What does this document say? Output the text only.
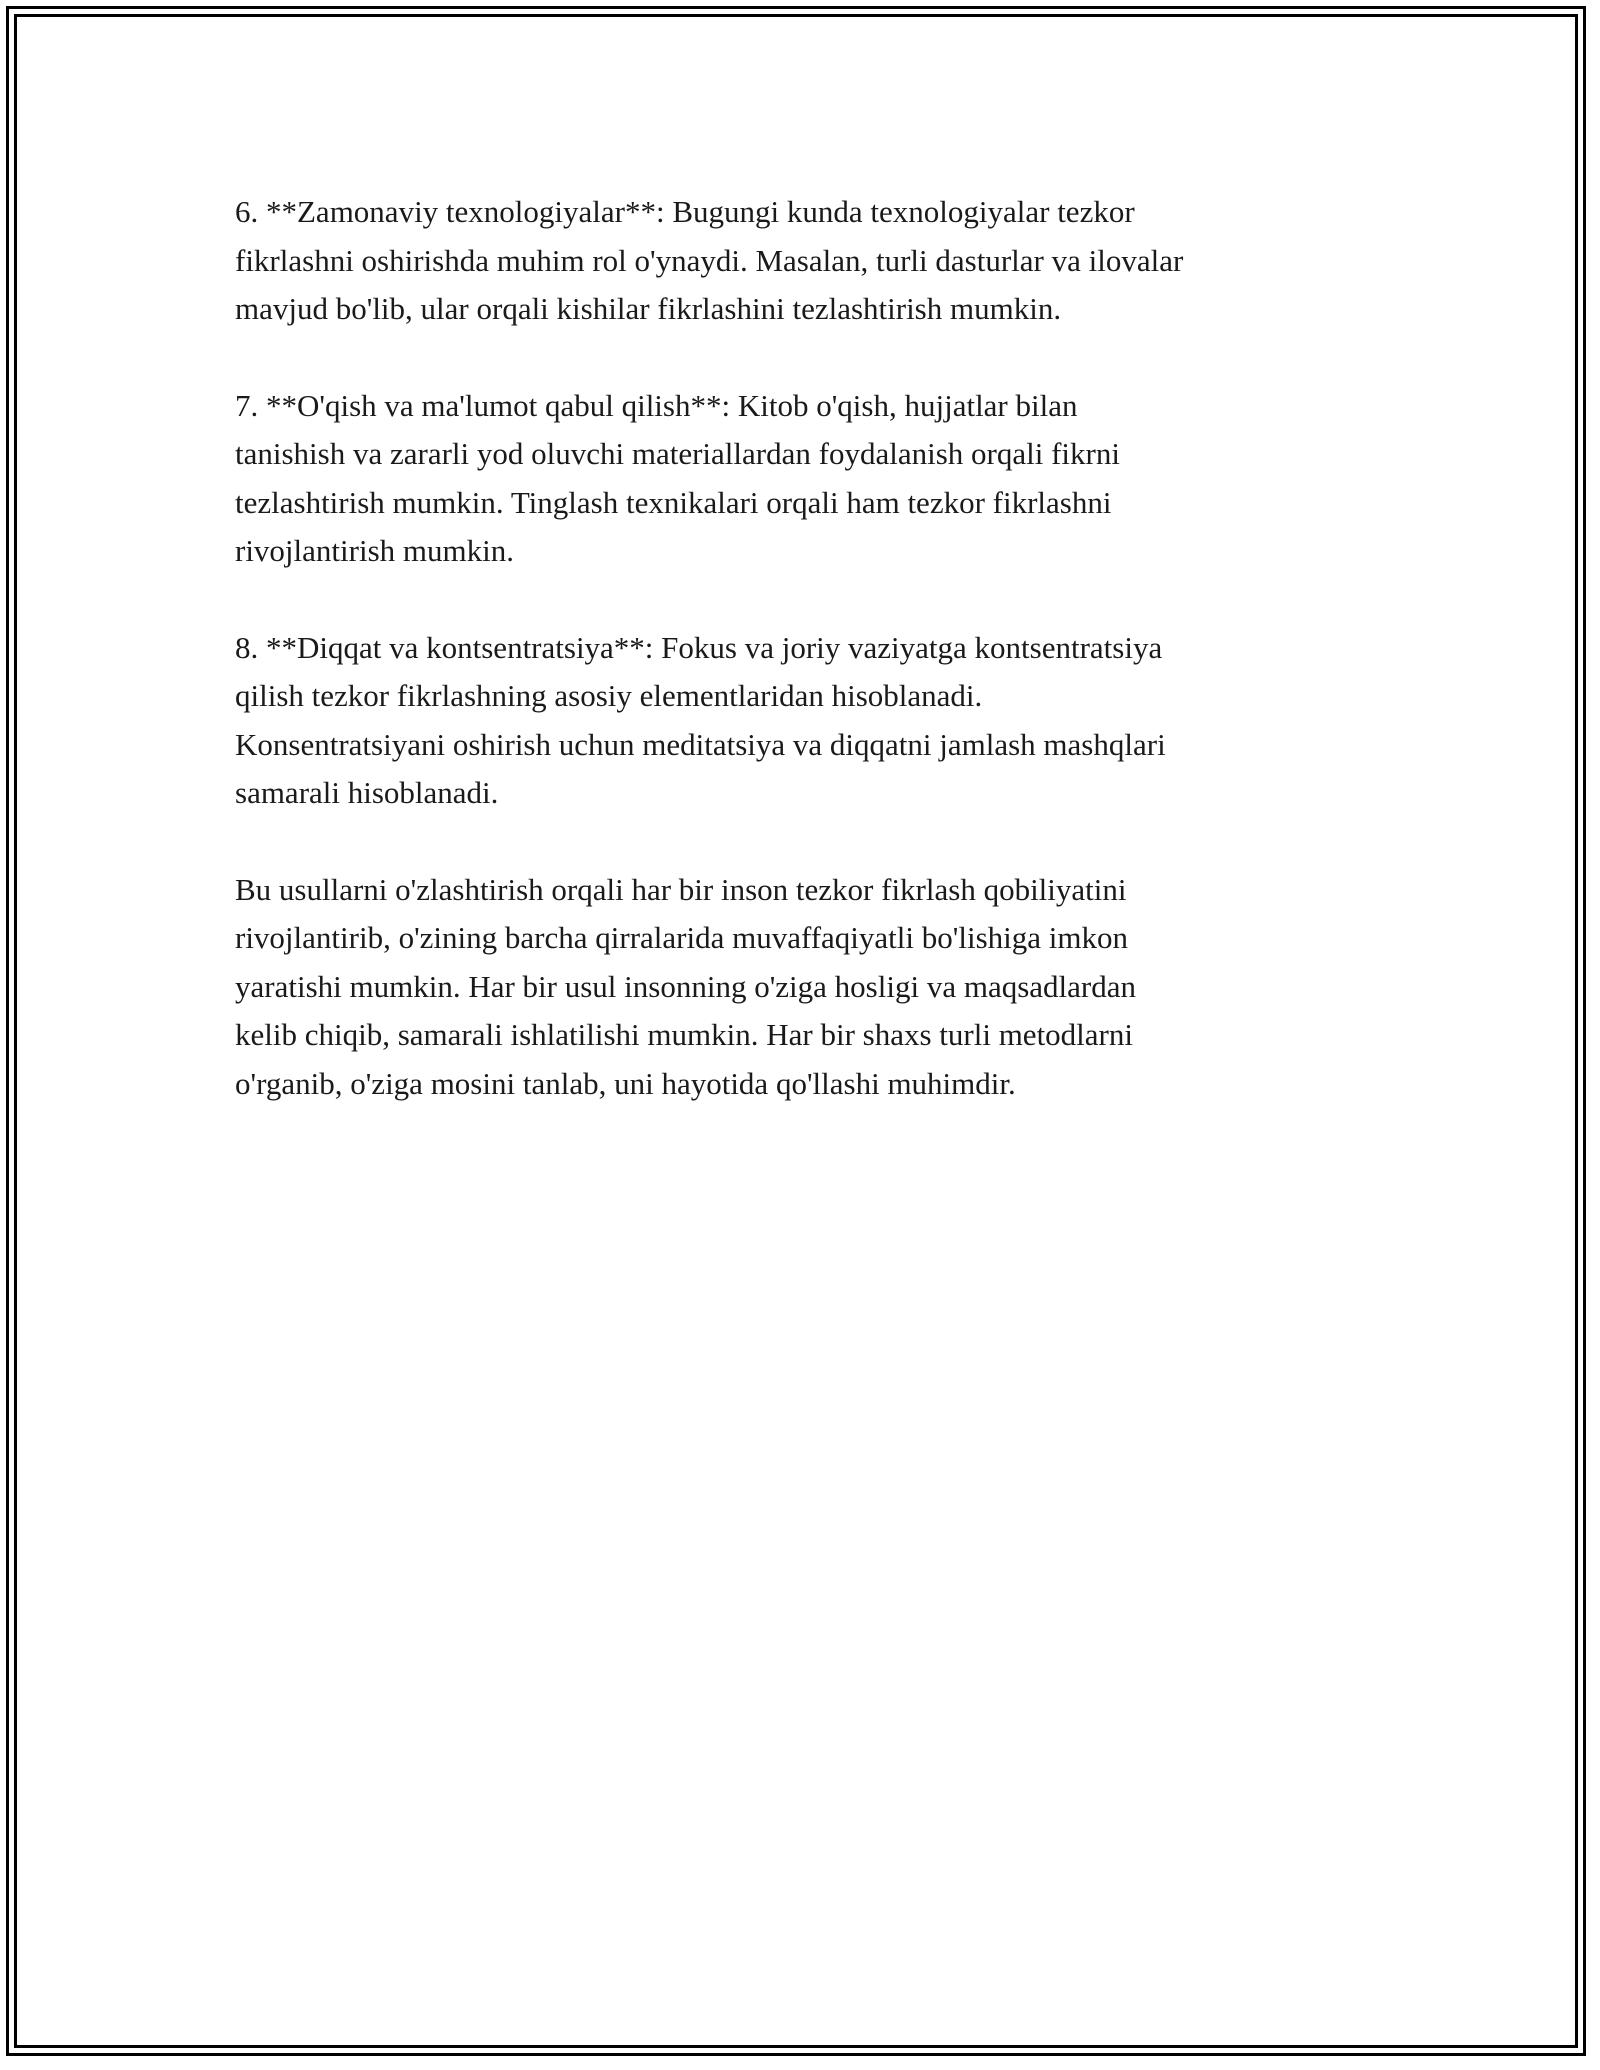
6. **Zamonaviy texnologiyalar**: Bugungi kunda texnologiyalar tezkor
fikrlashni oshirishda muhim rol o'ynaydi. Masalan, turli dasturlar va ilovalar
mavjud bo'lib, ular orqali kishilar fikrlashini tezlashtirish mumkin.

7. **O'qish va ma'lumot qabul qilish**: Kitob o'qish, hujjatlar bilan
tanishish va zararli yod oluvchi materiallardan foydalanish orqali fikrni
tezlashtirish mumkin. Tinglash texnikalari orqali ham tezkor fikrlashni
rivojlantirish mumkin.

8. **Diqqat va kontsentratsiya**: Fokus va joriy vaziyatga kontsentratsiya
qilish tezkor fikrlashning asosiy elementlaridan hisoblanadi.
Konsentratsiyani oshirish uchun meditatsiya va diqqatni jamlash mashqlari
samarali hisoblanadi.

Bu usullarni o'zlashtirish orqali har bir inson tezkor fikrlash qobiliyatini
rivojlantirib, o'zining barcha qirralarida muvaffaqiyatli bo'lishiga imkon
yaratishi mumkin. Har bir usul insonning o'ziga hosligi va maqsadlardan
kelib chiqib, samarali ishlatilishi mumkin. Har bir shaxs turli metodlarni
o'rganib, o'ziga mosini tanlab, uni hayotida qo'llashi muhimdir.
